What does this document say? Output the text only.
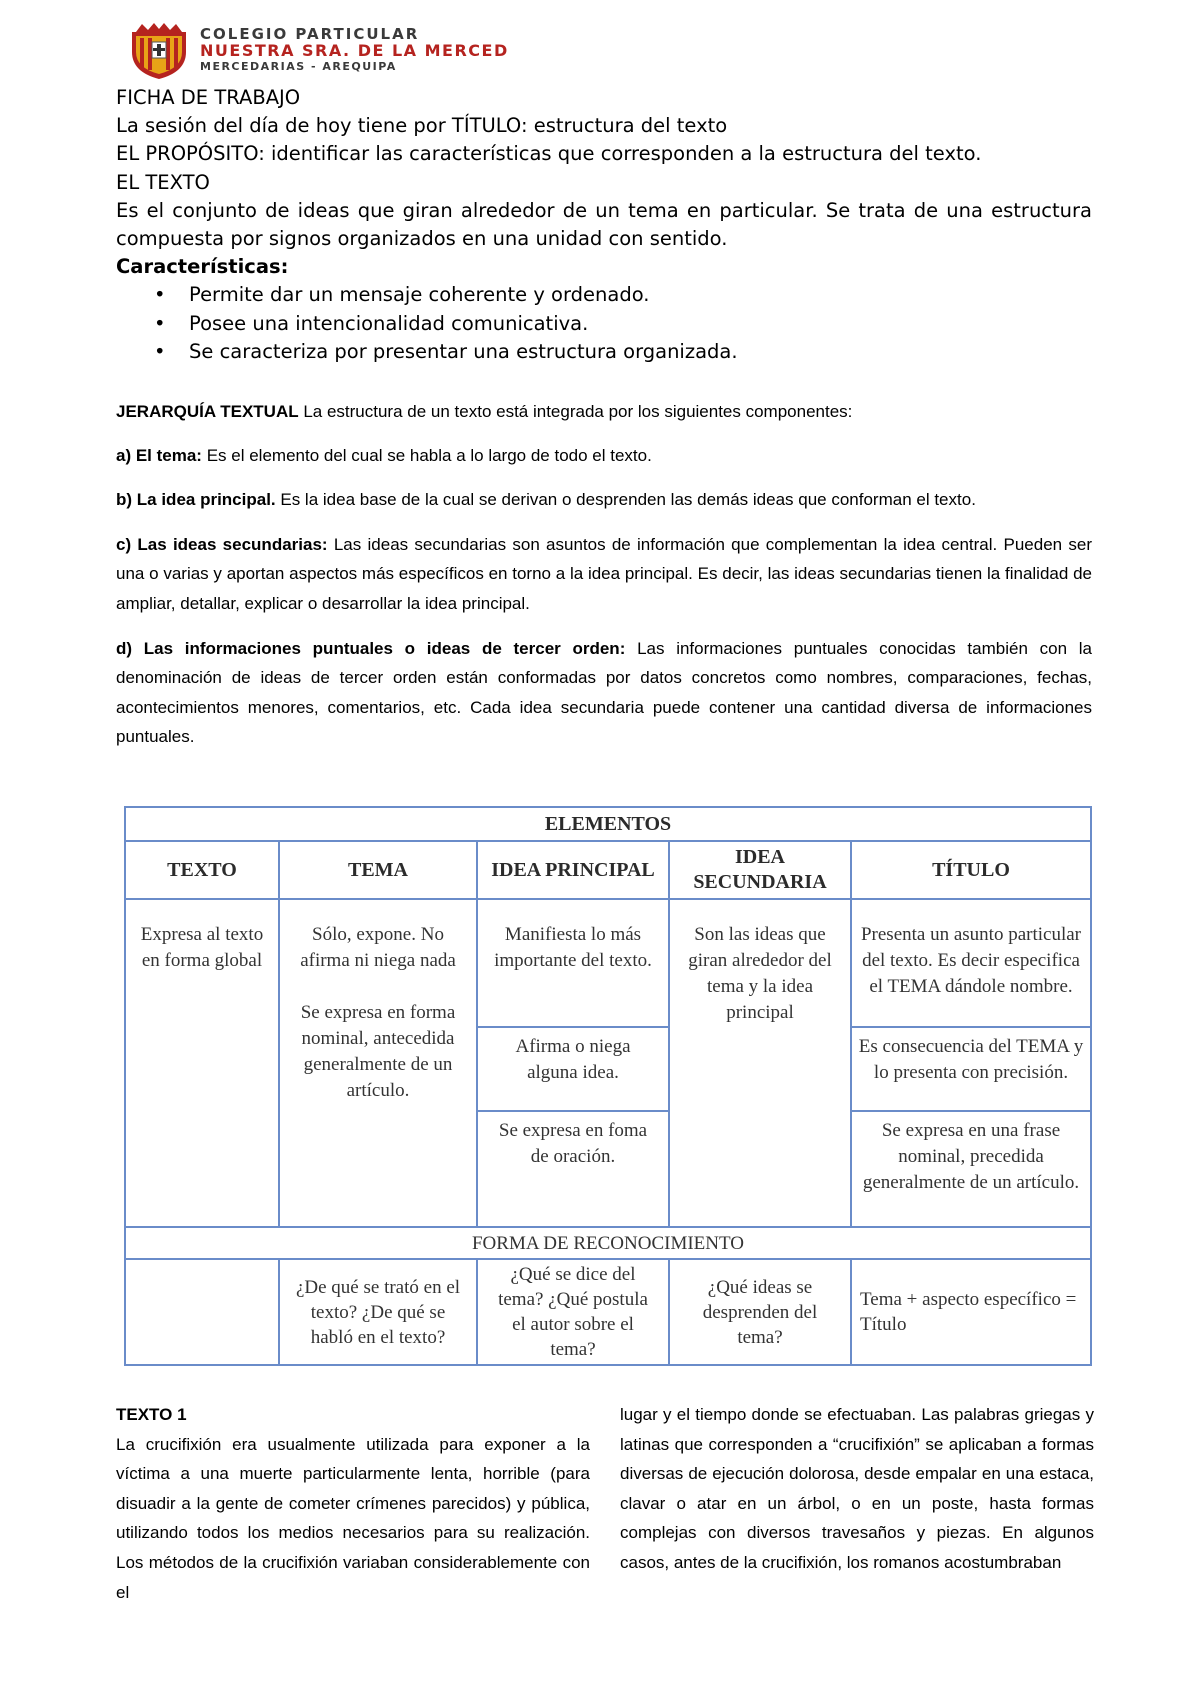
COLEGIO PARTICULAR
NUESTRA SRA. DE LA MERCED
MERCEDARIAS - AREQUIPA

FICHA DE TRABAJO

La sesión del día de hoy tiene por TÍTULO: estructura del texto

EL PROPÓSITO: identificar las características que corresponden a la estructura del texto.

EL TEXTO

Es el conjunto de ideas que giran alrededor de un tema en particular. Se trata de una estructura compuesta por signos organizados en una unidad con sentido.

Características:

• Permite dar un mensaje coherente y ordenado.
• Posee una intencionalidad comunicativa.
• Se caracteriza por presentar una estructura organizada.

JERARQUÍA TEXTUAL La estructura de un texto está integrada por los siguientes componentes:

a) El tema: Es el elemento del cual se habla a lo largo de todo el texto.

b) La idea principal. Es la idea base de la cual se derivan o desprenden las demás ideas que conforman el texto.

c) Las ideas secundarias: Las ideas secundarias son asuntos de información que complementan la idea central. Pueden ser una o varias y aportan aspectos más específicos en torno a la idea principal. Es decir, las ideas secundarias tienen la finalidad de ampliar, detallar, explicar o desarrollar la idea principal.

d) Las informaciones puntuales o ideas de tercer orden: Las informaciones puntuales conocidas también con la denominación de ideas de tercer orden están conformadas por datos concretos como nombres, comparaciones, fechas, acontecimientos menores, comentarios, etc. Cada idea secundaria puede contener una cantidad diversa de informaciones puntuales.

ELEMENTOS
TEXTO	TEMA	IDEA PRINCIPAL
IDEA SECUNDARIA
TÍTULO
Expresa al texto en forma global
Sólo, expone. No afirma ni niega nada
Se expresa en forma nominal, antecedida generalmente de un artículo.
Manifiesta lo más importante del texto.
Afirma o niega alguna idea.
Se expresa en foma de oración.
Son las ideas que giran alrededor del tema y la idea principal
Presenta un asunto particular del texto. Es decir especifica el TEMA dándole nombre.
Es consecuencia del TEMA y lo presenta con precisión.
Se expresa en una frase nominal, precedida generalmente de un artículo.
FORMA DE RECONOCIMIENTO
¿De qué se trató en el texto? ¿De qué se habló en el texto?
¿Qué se dice del tema? ¿Qué postula el autor sobre el tema?
¿Qué ideas se desprenden del tema?
Tema + aspecto específico = Título

TEXTO 1

La crucifixión era usualmente utilizada para exponer a la víctima a una muerte particularmente lenta, horrible (para disuadir a la gente de cometer crímenes parecidos) y pública, utilizando todos los medios necesarios para su realización. Los métodos de la crucifixión variaban considerablemente con el

lugar y el tiempo donde se efectuaban. Las palabras griegas y latinas que corresponden a “crucifixión” se aplicaban a formas diversas de ejecución dolorosa, desde empalar en una estaca, clavar o atar en un árbol, o en un poste, hasta formas complejas con diversos travesaños y piezas. En algunos casos, antes de la crucifixión, los romanos acostumbraban
